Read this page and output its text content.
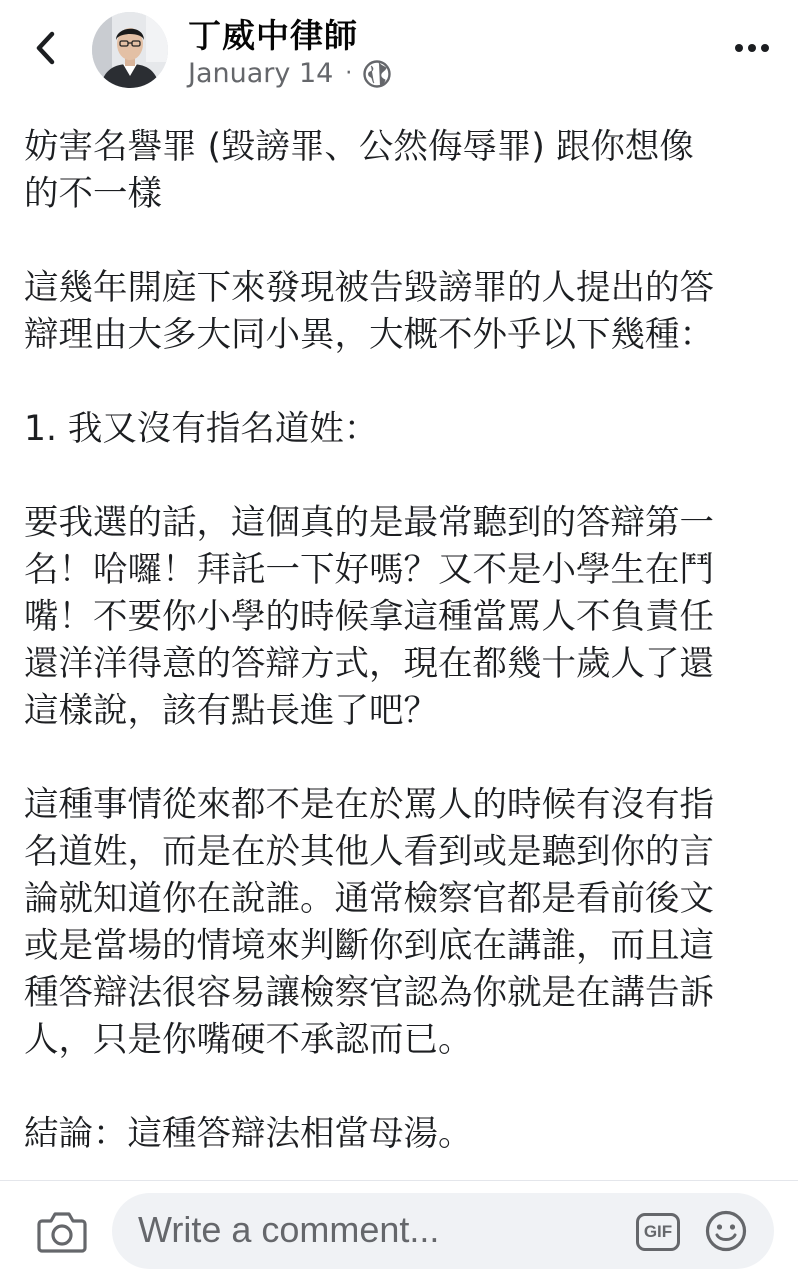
丁威中律師
January 14 ·
妨害名譽罪 (毀謗罪、公然侮辱罪) 跟你想像
的不一樣
這幾年開庭下來發現被告毀謗罪的人提出的答
辯理由大多大同小異，大概不外乎以下幾種：
1. 我又沒有指名道姓：
要我選的話，這個真的是最常聽到的答辯第一
名！哈囉！拜託一下好嗎？又不是小學生在鬥
嘴！不要你小學的時候拿這種當罵人不負責任
還洋洋得意的答辯方式，現在都幾十歲人了還
這樣說，該有點長進了吧？
這種事情從來都不是在於罵人的時候有沒有指
名道姓，而是在於其他人看到或是聽到你的言
論就知道你在說誰。通常檢察官都是看前後文
或是當場的情境來判斷你到底在講誰，而且這
種答辯法很容易讓檢察官認為你就是在講告訴
人，只是你嘴硬不承認而已。
結論：這種答辯法相當母湯。
Write a comment...	GIF
